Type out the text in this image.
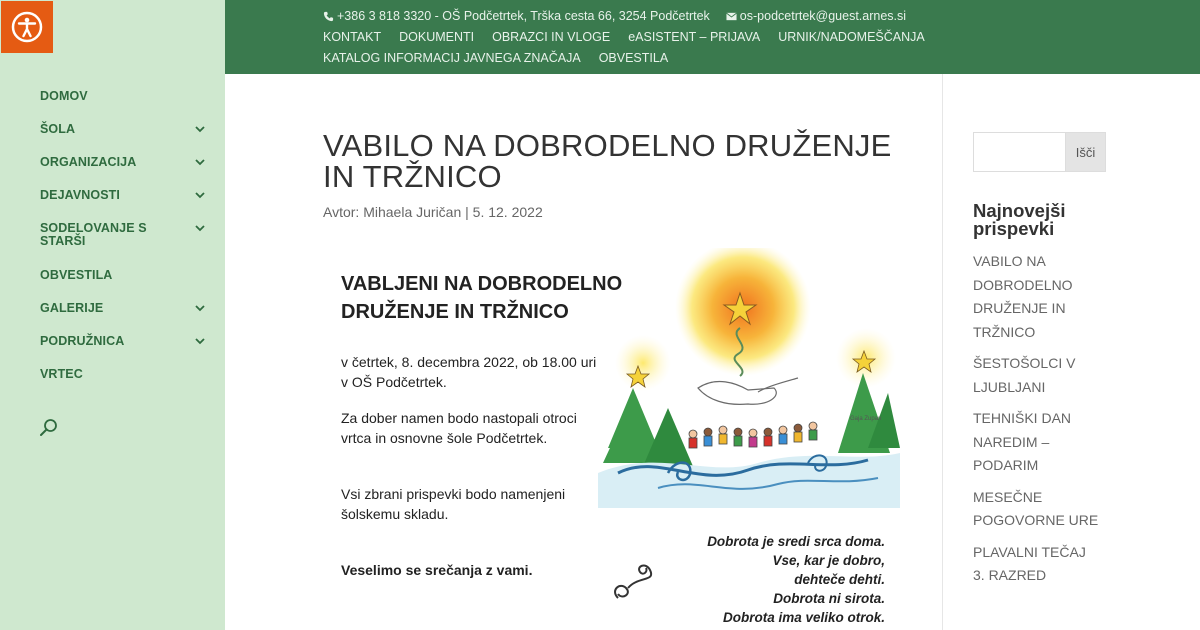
DOMOV
ŠOLA
ORGANIZACIJA
DEJAVNOSTI
SODELOVANJE S STARŠI
OBVESTILA
GALERIJE
PODRUŽNICA
VRTEC
+386 3 818 3320 - OŠ Podčetrtek, Trška cesta 66, 3254 Podčetrtek os-podcetrtek@guest.arnes.si
KONTAKT DOKUMENTI OBRAZCI IN VLOGE eASISTENT – PRIJAVA URNIK/NADOMEŠČANJA
KATALOG INFORMACIJ JAVNEGA ZNAČAJA OBVESTILA
VABILO NA DOBRODELNO DRUŽENJE IN TRŽNICO
Avtor: Mihaela Juričan | 5. 12. 2022
Gaja Zupan
VABLJENI NA DOBRODELNO DRUŽENJE IN TRŽNICO
v četrtek, 8. decembra 2022, ob 18.00 uri
v OŠ Podčetrtek.
Za dober namen bodo nastopali otroci vrtca in osnovne šole Podčetrtek.
Vsi zbrani prispevki bodo namenjeni šolskemu skladu.
Veselimo se srečanja z vami.
Dobrota je sredi srca doma.
Vse, kar je dobro,
dehteče dehti.
Dobrota ni sirota.
Dobrota ima veliko otrok.
Išči
Najnovejši prispevki
VABILO NA DOBRODELNO DRUŽENJE IN TRŽNICO
ŠESTOŠOLCI V LJUBLJANI
TEHNIŠKI DAN NAREDIM – PODARIM
MESEČNE POGOVORNE URE
PLAVALNI TEČAJ 3. RAZRED
